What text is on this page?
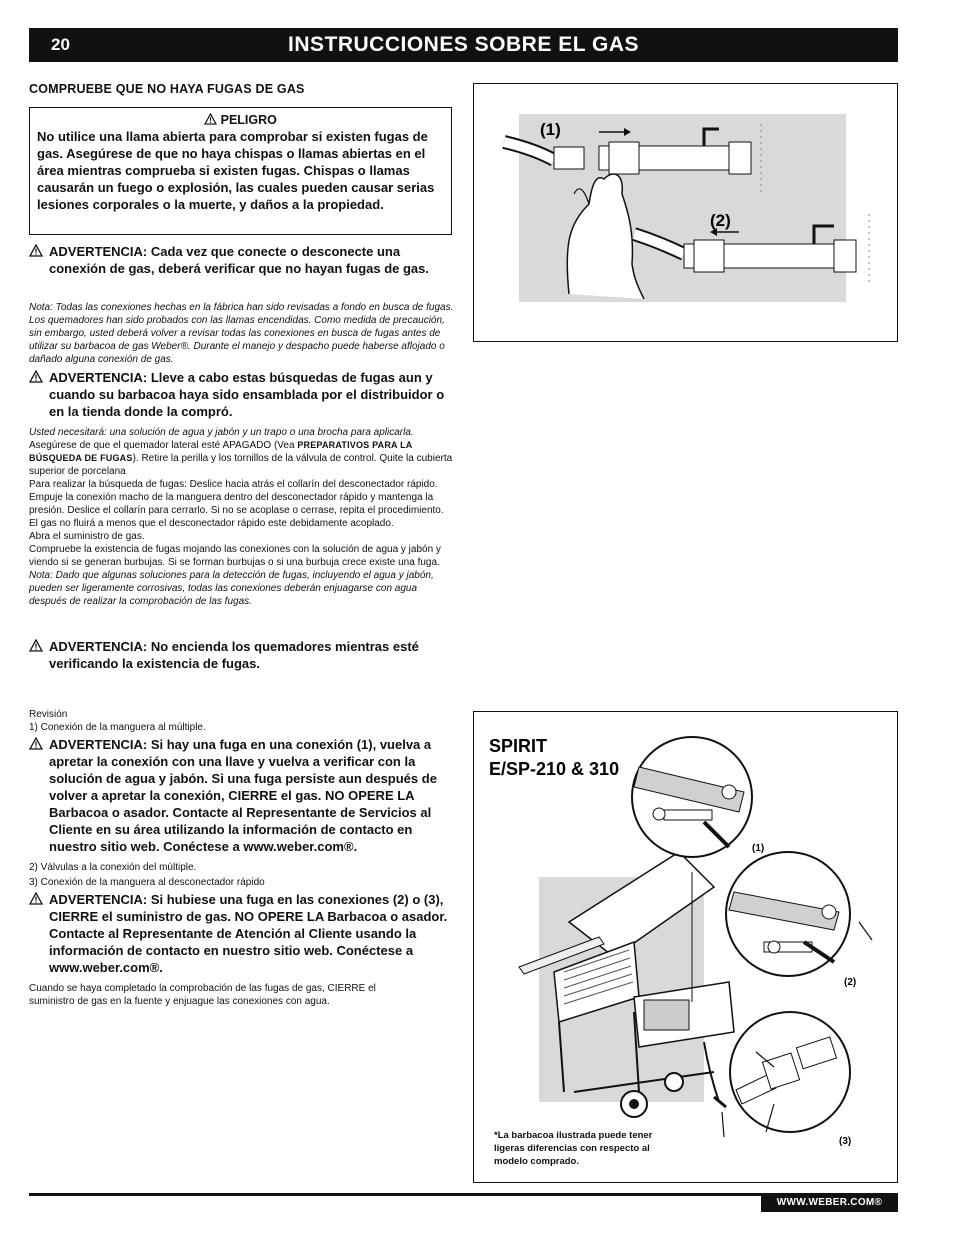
20	INSTRUCCIONES SOBRE EL GAS
COMPRUEBE QUE NO HAYA FUGAS DE GAS
PELIGRO
No utilice una llama abierta para comprobar si existen fugas de gas. Asegúrese de que no haya chispas o llamas abiertas en el área mientras comprueba si existen fugas. Chispas o llamas causarán un fuego o explosión, las cuales pueden causar serias lesiones corporales o la muerte, y daños a la propiedad.
ADVERTENCIA: Cada vez que conecte o desconecte una conexión de gas, deberá verificar que no hayan fugas de gas.
Nota: Todas las conexiones hechas en la fábrica han sido revisadas a fondo en busca de fugas. Los quemadores han sido probados con las llamas encendidas. Como medida de precaución, sin embargo, usted deberá volver a revisar todas las conexiones en busca de fugas antes de utilizar su barbacoa de gas Weber®. Durante el manejo y despacho puede haberse aflojado o dañado alguna conexión de gas.
ADVERTENCIA: Lleve a cabo estas búsquedas de fugas aun y cuando su barbacoa haya sido ensamblada por el distribuidor o en la tienda donde la compró.
Usted necesitará: una solución de agua y jabón y un trapo o una brocha para aplicarla.
Asegúrese de que el quemador lateral esté APAGADO (Vea PREPARATIVOS PARA LA BÚSQUEDA DE FUGAS). Retire la perilla y los tornillos de la válvula de control. Quite la cubierta superior de porcelana
Para realizar la búsqueda de fugas: Deslice hacia atrás el collarín del desconectador rápido. Empuje la conexión macho de la manguera dentro del desconectador rápido y mantenga la presión. Deslice el collarín para cerrarlo. Si no se acoplase o cerrase, repita el procedimiento. El gas no fluirá a menos que el desconectador rápido este debidamente acoplado.
Abra el suministro de gas.
Compruebe la existencia de fugas mojando las conexiones con la solución de agua y jabón y viendo si se generan burbujas. Si se forman burbujas o si una burbuja crece existe una fuga.
Nota: Dado que algunas soluciones para la detección de fugas, incluyendo el agua y jabón, pueden ser ligeramente corrosivas, todas las conexiones deberán enjuagarse con agua después de realizar la comprobación de las fugas.
ADVERTENCIA: No encienda los quemadores mientras esté verificando la existencia de fugas.
Revisión
1) Conexión de la manguera al múltiple.
ADVERTENCIA: Si hay una fuga en una conexión (1), vuelva a apretar la conexión con una llave y vuelva a verificar con la solución de agua y jabón. Si una fuga persiste aun después de volver a apretar la conexión, CIERRE el gas. NO OPERE LA Barbacoa o asador. Contacte al Representante de Servicios al Cliente en su área utilizando la información de contacto en nuestro sitio web. Conéctese a www.weber.com®.
2) Válvulas a la conexión del múltiple.
3) Conexión de la manguera al desconectador rápido
ADVERTENCIA: Si hubiese una fuga en las conexiones (2) o (3), CIERRE el suministro de gas. NO OPERE LA Barbacoa o asador. Contacte al Representante de Atención al Cliente usando la información de contacto en nuestro sitio web. Conéctese a www.weber.com®.
Cuando se haya completado la comprobación de las fugas de gas, CIERRE el suministro de gas en la fuente y enjuague las conexiones con agua.
(1)
(2)
SPIRIT
E/SP-210 & 310
(1)
(2)
(3)
*La barbacoa ilustrada puede tener ligeras diferencias con respecto al modelo comprado.
WWW.WEBER.COM®
